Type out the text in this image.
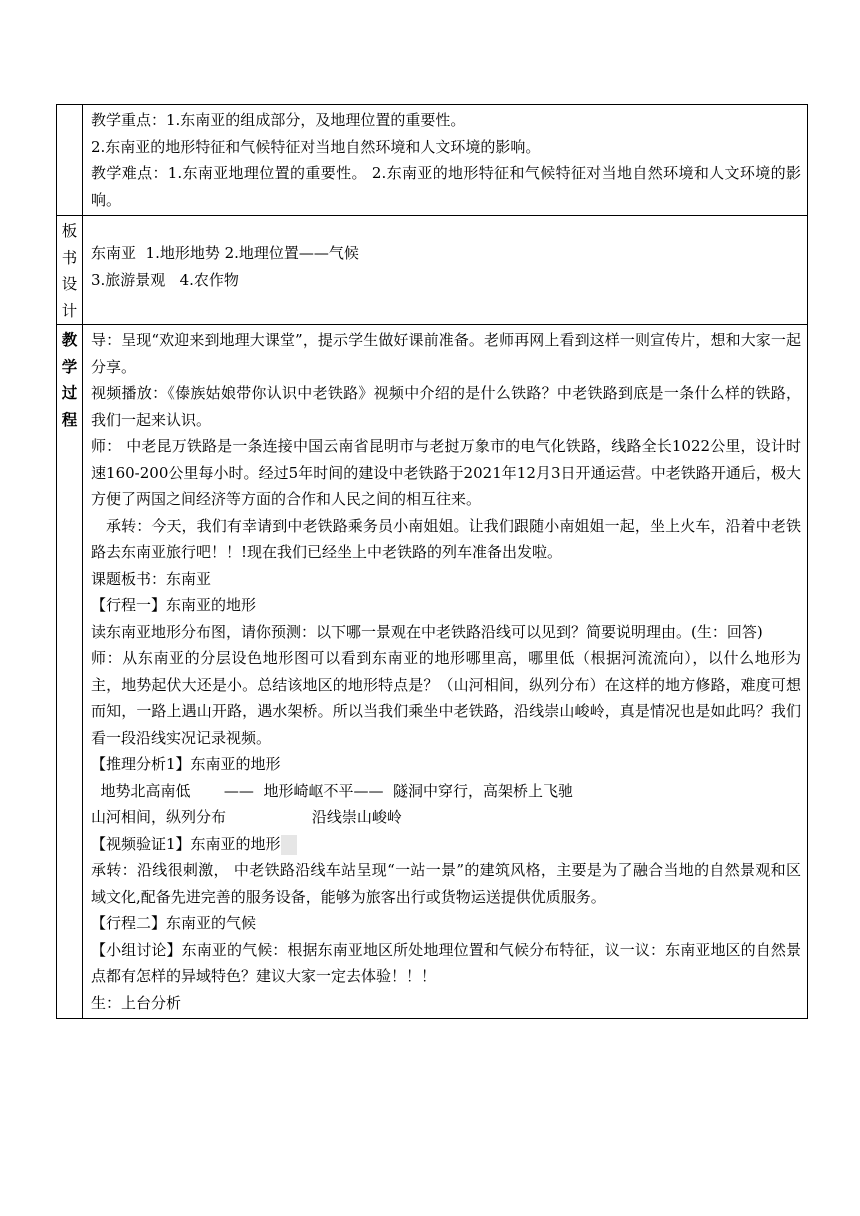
教学重点：1.东南亚的组成部分，及地理位置的重要性。

2.东南亚的地形特征和气候特征对当地自然环境和人文环境的影响。

教学难点：1.东南亚地理位置的重要性。 2.东南亚的地形特征和气候特征对当地自然环境和人文环境的影响。

板
书
设
计

东南亚  1.地形地势 2.地理位置——气候

3.旅游景观   4.农作物

教
学
过
程

导：呈现“欢迎来到地理大课堂”，提示学生做好课前准备。老师再网上看到这样一则宣传片，想和大家一起分享。

视频播放：《傣族姑娘带你认识中老铁路》视频中介绍的是什么铁路？中老铁路到底是一条什么样的铁路，我们一起来认识。

师： 中老昆万铁路是一条连接中国云南省昆明市与老挝万象市的电气化铁路，线路全长1022公里，设计时速160-200公里每小时。经过5年时间的建设中老铁路于2021年12月3日开通运营。中老铁路开通后，极大方便了两国之间经济等方面的合作和人民之间的相互往来。

承转：今天，我们有幸请到中老铁路乘务员小南姐姐。让我们跟随小南姐姐一起，坐上火车，沿着中老铁路去东南亚旅行吧！！!现在我们已经坐上中老铁路的列车准备出发啦。

课题板书：东南亚

【行程一】东南亚的地形

读东南亚地形分布图，请你预测：以下哪一景观在中老铁路沿线可以见到？简要说明理由。(生：回答)

师：从东南亚的分层设色地形图可以看到东南亚的地形哪里高，哪里低（根据河流流向），以什么地形为主，地势起伏大还是小。总结该地区的地形特点是？（山河相间，纵列分布）在这样的地方修路，难度可想而知，一路上遇山开路，遇水架桥。所以当我们乘坐中老铁路，沿线崇山峻岭，真是情况也是如此吗？我们看一段沿线实况记录视频。

【推理分析1】东南亚的地形

地势北高南低       ——  地形崎岖不平——  隧洞中穿行，高架桥上飞驰

山河相间，纵列分布                  沿线崇山峻岭

【视频验证1】东南亚的地形

承转：沿线很刺激， 中老铁路沿线车站呈现“一站一景”的建筑风格，主要是为了融合当地的自然景观和区域文化,配备先进完善的服务设备，能够为旅客出行或货物运送提供优质服务。

【行程二】东南亚的气候

【小组讨论】东南亚的气候：根据东南亚地区所处地理位置和气候分布特征，议一议：东南亚地区的自然景点都有怎样的异域特色？建议大家一定去体验！！！

生：上台分析
